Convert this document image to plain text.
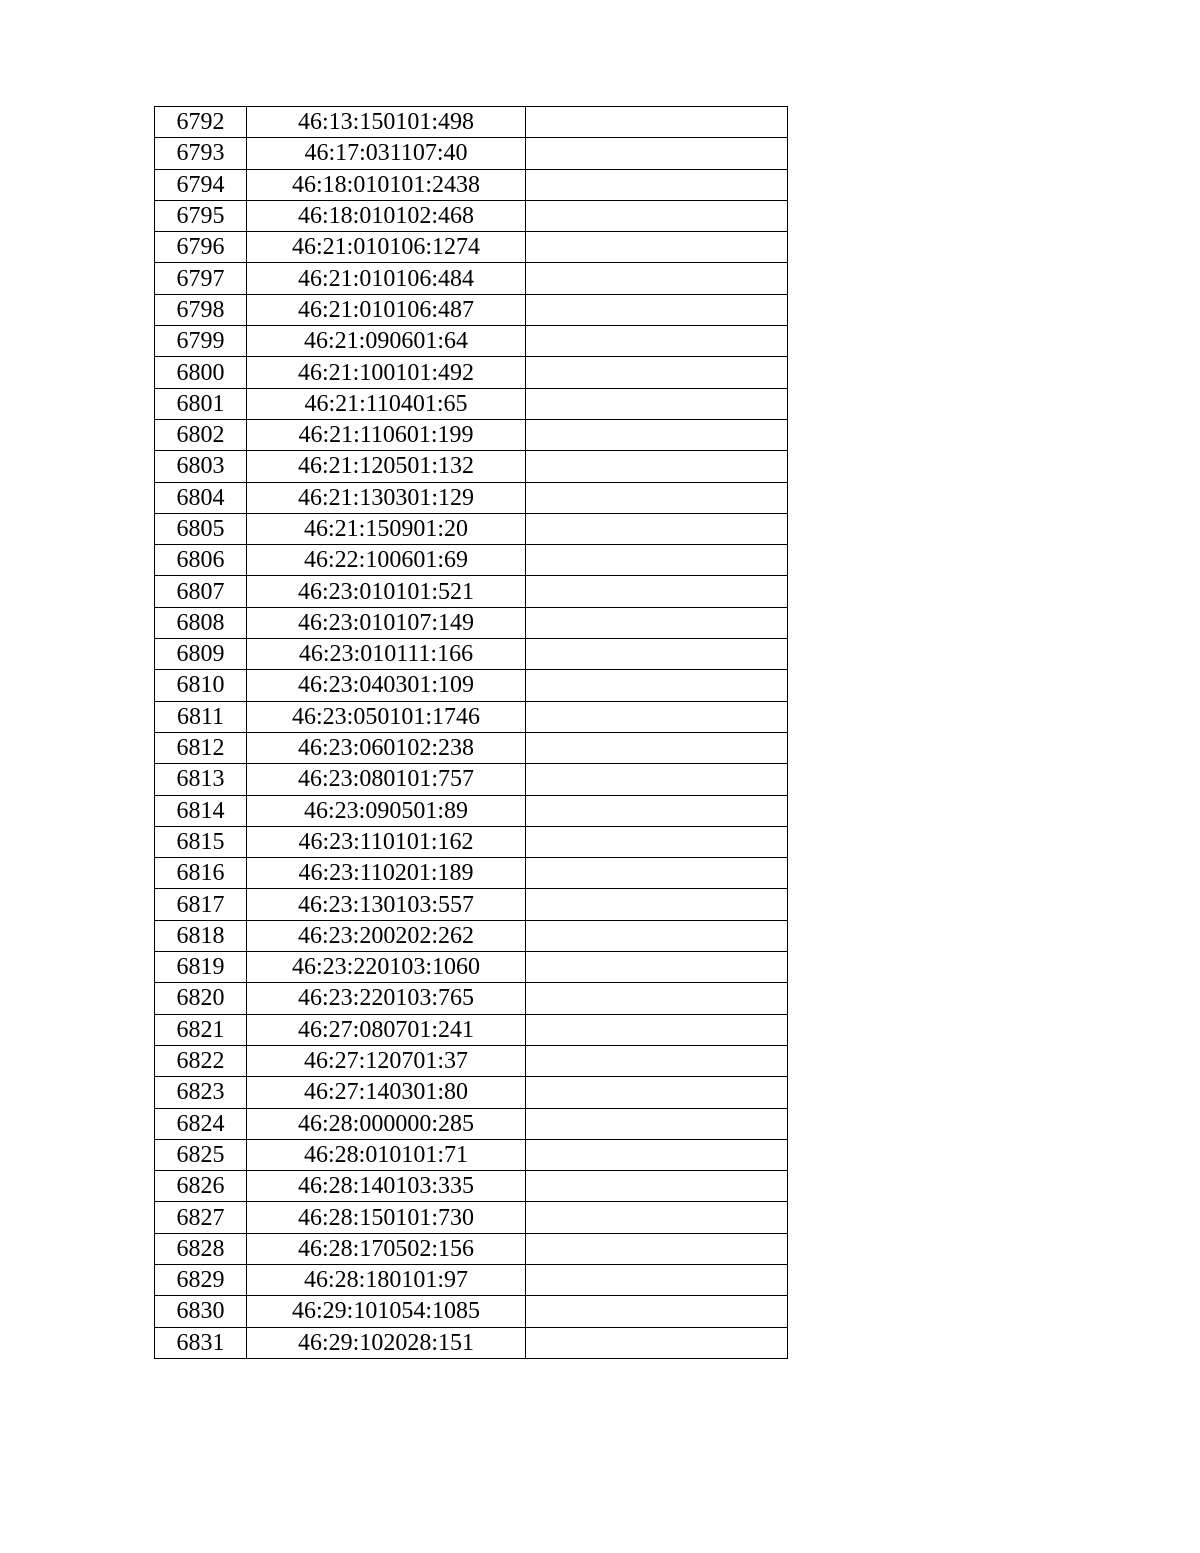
6792	46:13:150101:498	
6793	46:17:031107:40	
6794	46:18:010101:2438	
6795	46:18:010102:468	
6796	46:21:010106:1274	
6797	46:21:010106:484	
6798	46:21:010106:487	
6799	46:21:090601:64	
6800	46:21:100101:492	
6801	46:21:110401:65	
6802	46:21:110601:199	
6803	46:21:120501:132	
6804	46:21:130301:129	
6805	46:21:150901:20	
6806	46:22:100601:69	
6807	46:23:010101:521	
6808	46:23:010107:149	
6809	46:23:010111:166	
6810	46:23:040301:109	
6811	46:23:050101:1746	
6812	46:23:060102:238	
6813	46:23:080101:757	
6814	46:23:090501:89	
6815	46:23:110101:162	
6816	46:23:110201:189	
6817	46:23:130103:557	
6818	46:23:200202:262	
6819	46:23:220103:1060	
6820	46:23:220103:765	
6821	46:27:080701:241	
6822	46:27:120701:37	
6823	46:27:140301:80	
6824	46:28:000000:285	
6825	46:28:010101:71	
6826	46:28:140103:335	
6827	46:28:150101:730	
6828	46:28:170502:156	
6829	46:28:180101:97	
6830	46:29:101054:1085	
6831	46:29:102028:151	
